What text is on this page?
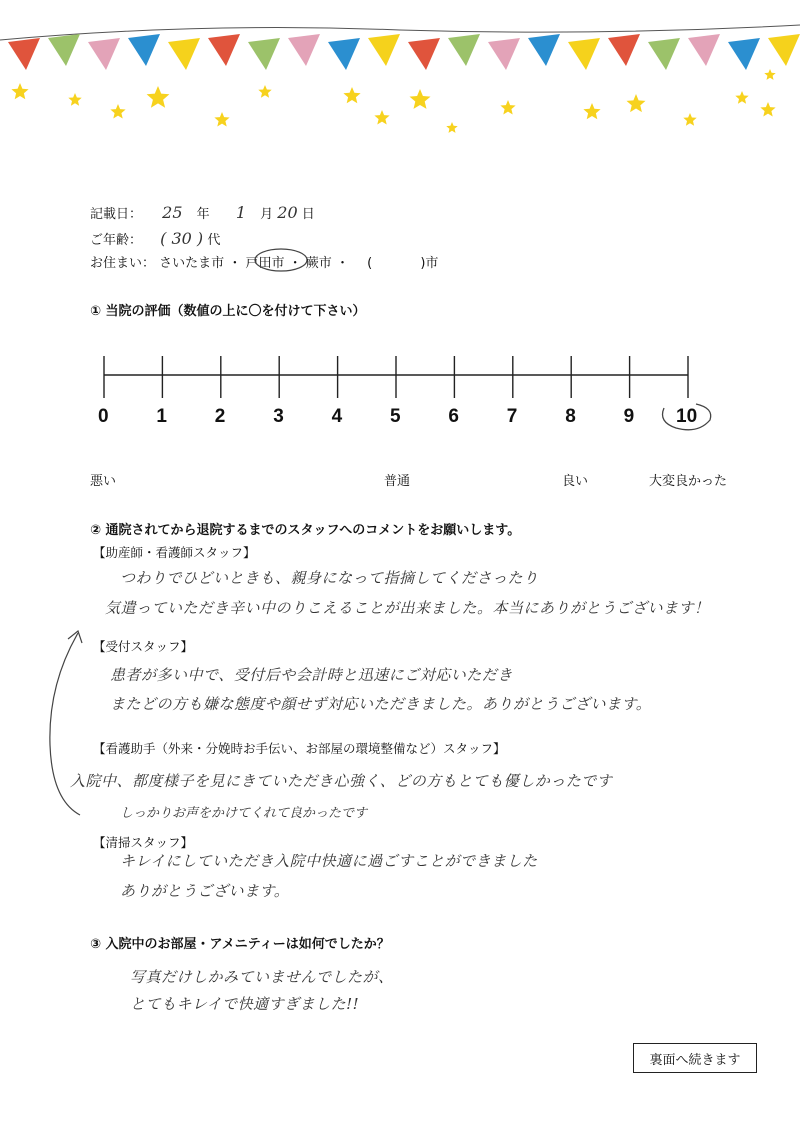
記載日： 25 年 1 月 20 日
ご年齢： ( 30 ) 代
お住まい： さいたま市 ・ 戸田市 ・ 蕨市 ・ (	)市
① 当院の評価（数値の上に〇を付けて下さい）
0	1	2	3	4	5	6	7	8	9 10
悪い	普通	良い	大変良かった
② 通院されてから退院するまでのスタッフへのコメントをお願いします。
【助産師・看護師スタッフ】
つわりでひどいときも、親身になって指摘してくださったり
気遣っていただき辛い中のりこえることが出来ました。本当にありがとうございます！
【受付スタッフ】
患者が多い中で、受付后や会計時と迅速にご対応いただき
またどの方も嫌な態度や顔せず対応いただきました。ありがとうございます。
【看護助手（外来・分娩時お手伝い、お部屋の環境整備など）スタッフ】
入院中、都度様子を見にきていただき心強く、どの方もとても優しかったです
しっかりお声をかけてくれて良かったです
【清掃スタッフ】
キレイにしていただき入院中快適に過ごすことができました
ありがとうございます。
③ 入院中のお部屋・アメニティーは如何でしたか？
写真だけしかみていませんでしたが、
とてもキレイで快適すぎました!!
裏面へ続きます
